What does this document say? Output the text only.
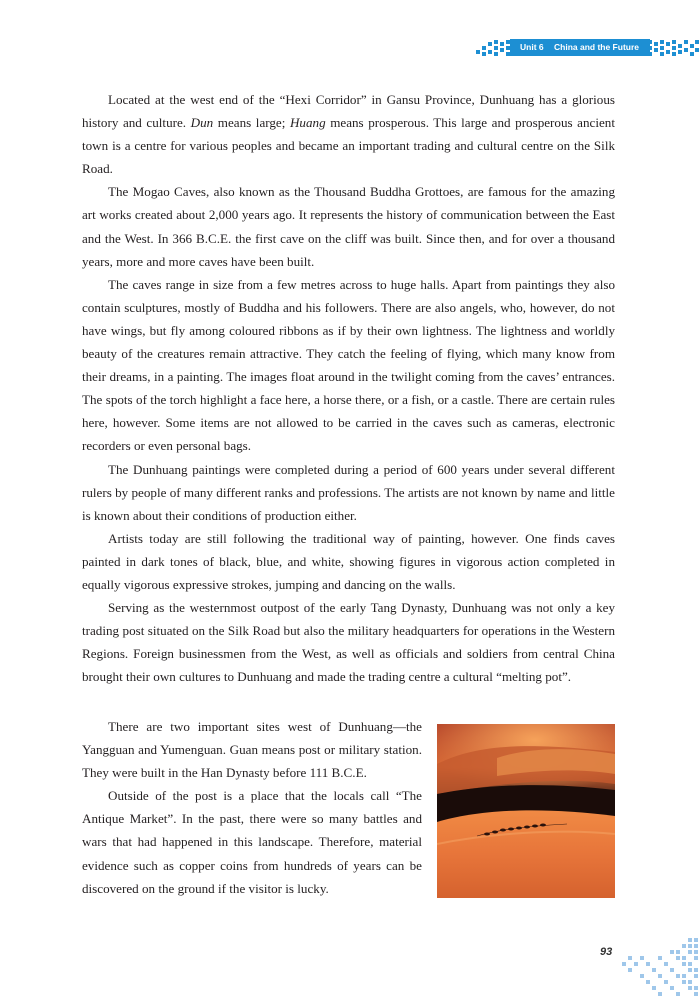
Unit 6 China and the Future

Located at the west end of the “Hexi Corridor” in Gansu Province, Dunhuang has a glorious history and culture. Dun means large; Huang means prosperous. This large and prosperous ancient town is a centre for various peoples and became an important trading and cultural centre on the Silk Road.

The Mogao Caves, also known as the Thousand Buddha Grottoes, are famous for the amazing art works created about 2,000 years ago. It represents the history of communication between the East and the West. In 366 B.C.E. the first cave on the cliff was built. Since then, and for over a thousand years, more and more caves have been built.

The caves range in size from a few metres across to huge halls. Apart from paintings they also contain sculptures, mostly of Buddha and his followers. There are also angels, who, however, do not have wings, but fly among coloured ribbons as if by their own lightness. The lightness and worldly beauty of the creatures remain attractive. They catch the feeling of flying, which many know from their dreams, in a painting. The images float around in the twilight coming from the caves’ entrances. The spots of the torch highlight a face here, a horse there, or a fish, or a castle. There are certain rules here, however. Some items are not allowed to be carried in the caves such as cameras, electronic recorders or even personal bags.

The Dunhuang paintings were completed during a period of 600 years under several different rulers by people of many different ranks and professions. The artists are not known by name and little is known about their conditions of production either.

Artists today are still following the traditional way of painting, however. One finds caves painted in dark tones of black, blue, and white, showing figures in vigorous action completed in equally vigorous expressive strokes, jumping and dancing on the walls.

Serving as the westernmost outpost of the early Tang Dynasty, Dunhuang was not only a key trading post situated on the Silk Road but also the military headquarters for operations in the Western Regions. Foreign businessmen from the West, as well as officials and soldiers from central China brought their own cultures to Dunhuang and made the trading centre a cultural “melting pot”.

There are two important sites west of Dunhuang—the Yangguan and Yumenguan. Guan means post or military station. They were built in the Han Dynasty before 111 B.C.E.

Outside of the post is a place that the locals call “The Antique Market”. In the past, there were so many battles and wars that had happened in this landscape. Therefore, material evidence such as copper coins from hundreds of years can be discovered on the ground if the visitor is lucky.

93
